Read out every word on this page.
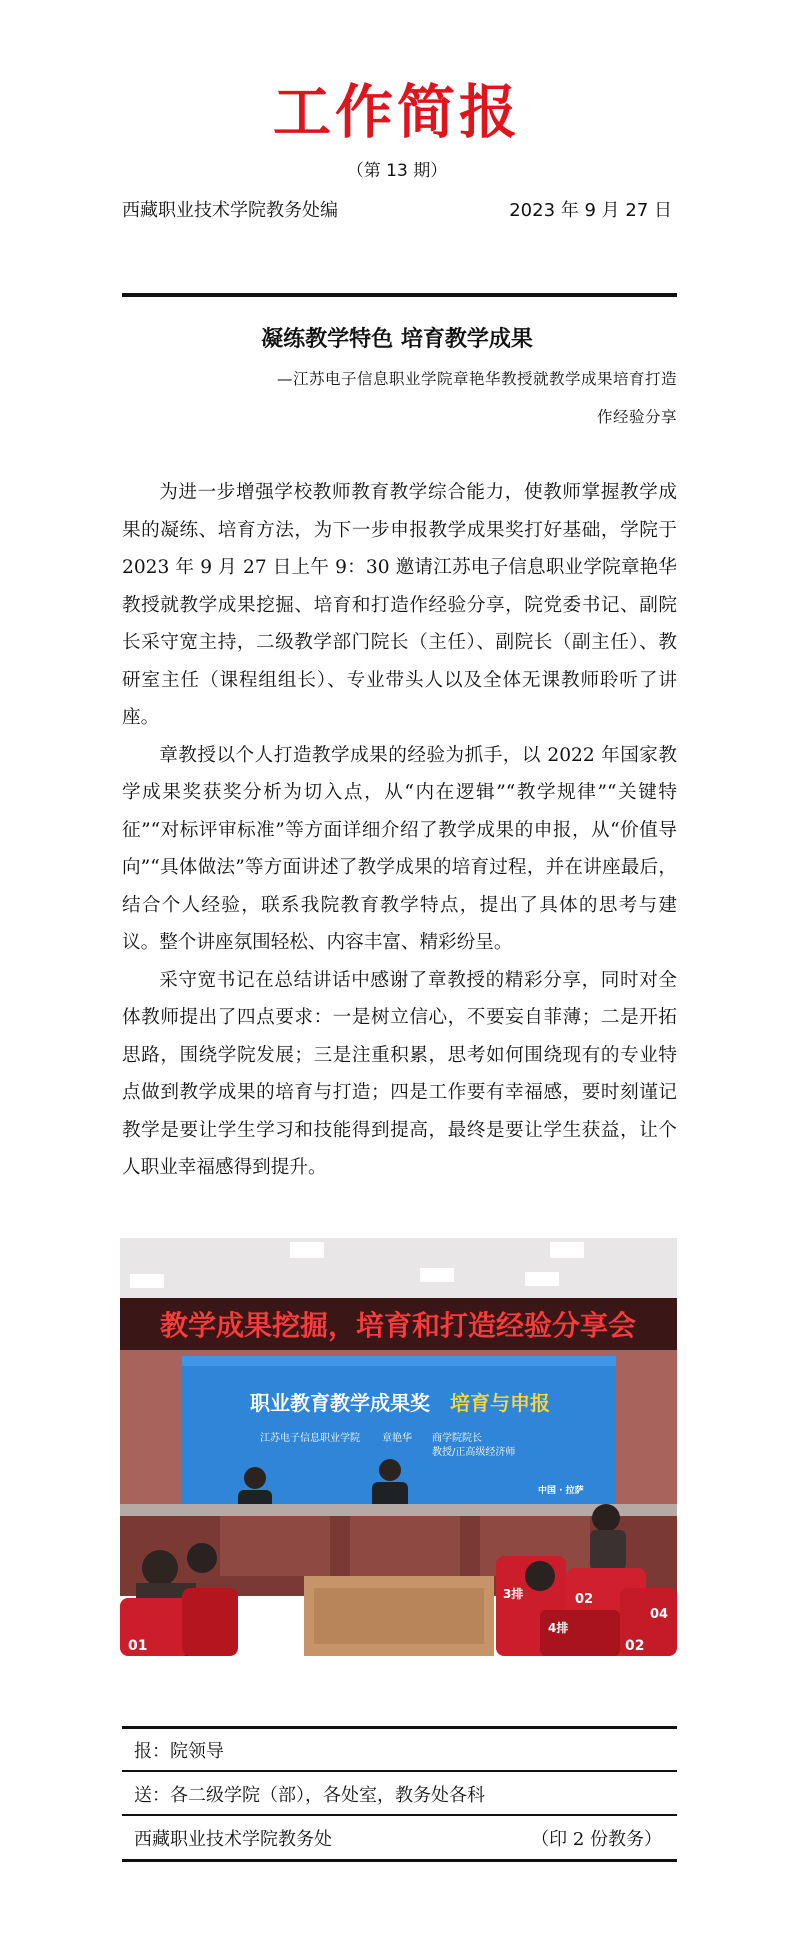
工作简报
（第 13 期）
西藏职业技术学院教务处编	2023 年 9 月 27 日
凝练教学特色 培育教学成果
—江苏电子信息职业学院章艳华教授就教学成果培育打造
作经验分享

为进一步增强学校教师教育教学综合能力，使教师掌握教学成果的凝练、培育方法，为下一步申报教学成果奖打好基础，学院于 2023 年 9 月 27 日上午 9：30 邀请江苏电子信息职业学院章艳华教授就教学成果挖掘、培育和打造作经验分享，院党委书记、副院长采守宽主持，二级教学部门院长（主任）、副院长（副主任）、教研室主任（课程组组长）、专业带头人以及全体无课教师聆听了讲座。

章教授以个人打造教学成果的经验为抓手，以 2022 年国家教学成果奖获奖分析为切入点，从“内在逻辑”“教学规律”“关键特征”“对标评审标准”等方面详细介绍了教学成果的申报，从“价值导向”“具体做法”等方面讲述了教学成果的培育过程，并在讲座最后，结合个人经验，联系我院教育教学特点，提出了具体的思考与建议。整个讲座氛围轻松、内容丰富、精彩纷呈。

采守宽书记在总结讲话中感谢了章教授的精彩分享，同时对全体教师提出了四点要求：一是树立信心，不要妄自菲薄；二是开拓思路，围绕学院发展；三是注重积累，思考如何围绕现有的专业特点做到教学成果的培育与打造；四是工作要有幸福感，要时刻谨记教学是要让学生学习和技能得到提高，最终是要让学生获益，让个人职业幸福感得到提升。

教学成果挖掘，培育和打造经验分享会
职业教育教学成果奖 培育与申报
江苏电子信息职业学院 章艳华 商学院院长
教授/正高级经济师
中国 · 拉萨
01
3排	02
04
4排
02
报：院领导
送：各二级学院（部），各处室，教务处各科
西藏职业技术学院教务处	（印 2 份教务）
